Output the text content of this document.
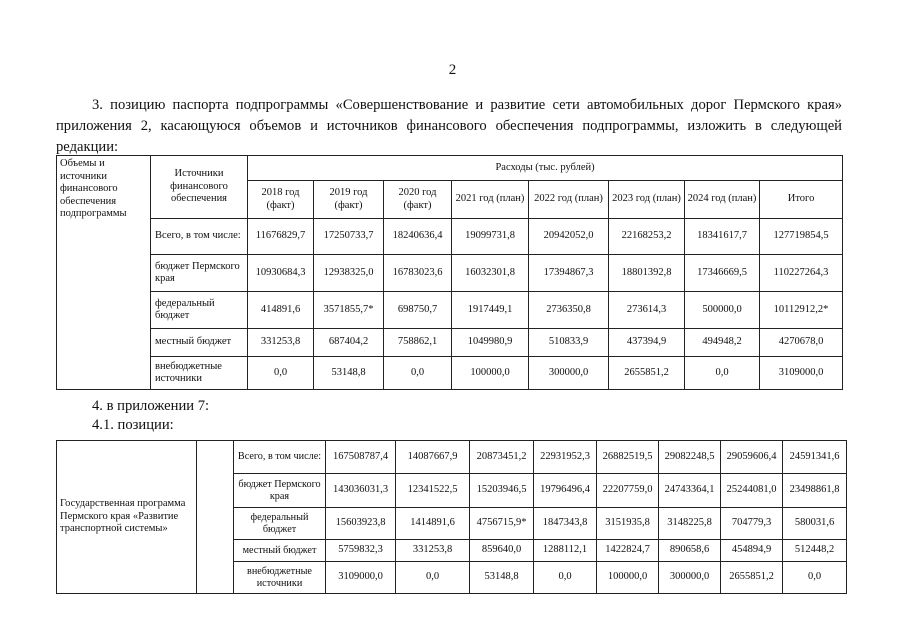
2
3. позицию паспорта подпрограммы «Совершенствование и развитие сети автомобильных дорог Пермского края» приложения 2, касающуюся объемов и источников финансового обеспечения подпрограммы, изложить в следующей редакции:
Объемы и источники финансового обеспечения подпрограммы	Источники финансового обеспечения	Расходы (тыс. рублей)							
		2018 год (факт)	2019 год (факт)	2020 год (факт)	2021 год (план)	2022 год (план)	2023 год (план)	2024 год (план)	Итого
	Всего, в том числе:	11676829,7	17250733,7	18240636,4	19099731,8	20942052,0	22168253,2	18341617,7	127719854,5
	бюджет Пермского края	10930684,3	12938325,0	16783023,6	16032301,8	17394867,3	18801392,8	17346669,5	110227264,3
	федеральный бюджет	414891,6	3571855,7*	698750,7	1917449,1	2736350,8	273614,3	500000,0	10112912,2*
	местный бюджет	331253,8	687404,2	758862,1	1049980,9	510833,9	437394,9	494948,2	4270678,0
	внебюджетные источники	0,0	53148,8	0,0	100000,0	300000,0	2655851,2	0,0	3109000,0
4. в приложении 7:
4.1. позиции:
Государственная программа Пермского края «Развитие транспортной системы»		Всего, в том числе:	167508787,4	14087667,9	20873451,2	22931952,3	26882519,5	29082248,5	29059606,4	24591341,6
		бюджет Пермского края	143036031,3	12341522,5	15203946,5	19796496,4	22207759,0	24743364,1	25244081,0	23498861,8
		федеральный бюджет	15603923,8	1414891,6	4756715,9*	1847343,8	3151935,8	3148225,8	704779,3	580031,6
		местный бюджет	5759832,3	331253,8	859640,0	1288112,1	1422824,7	890658,6	454894,9	512448,2
		внебюджетные источники	3109000,0	0,0	53148,8	0,0	100000,0	300000,0	2655851,2	0,0
